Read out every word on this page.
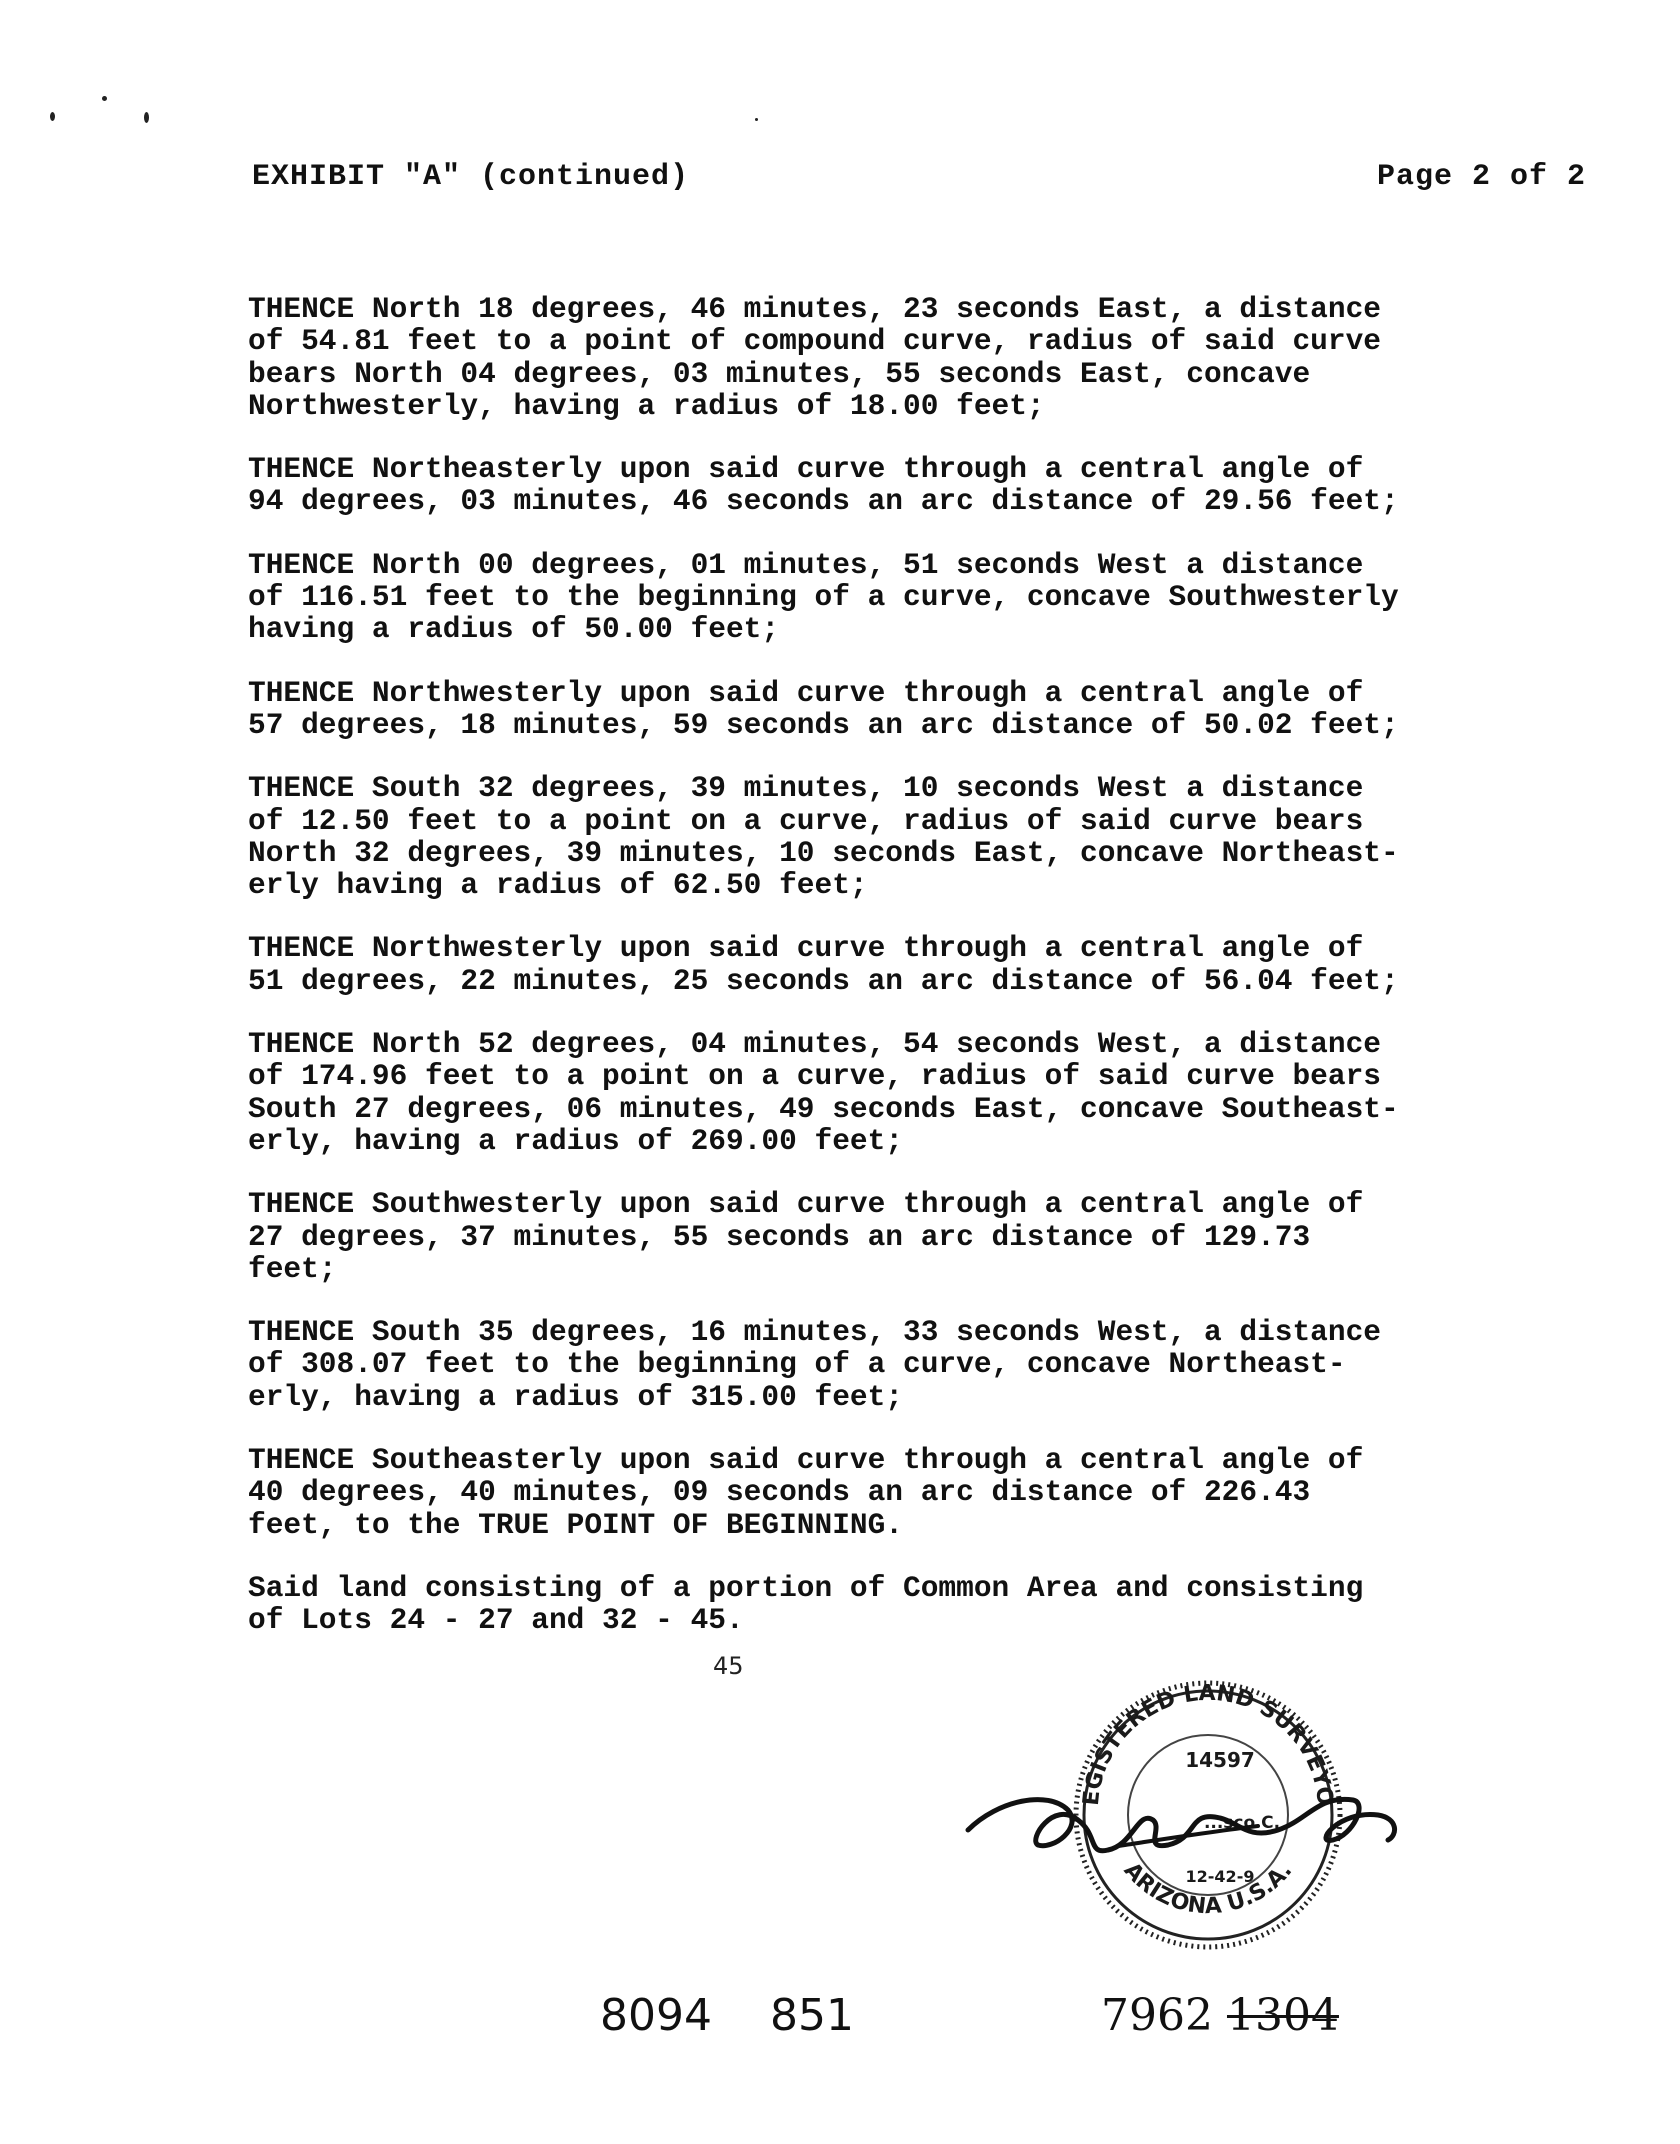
EXHIBIT "A" (continued)	Page 2 of 2

THENCE North 18 degrees, 46 minutes, 23 seconds East, a distance
of 54.81 feet to a point of compound curve, radius of said curve
bears North 04 degrees, 03 minutes, 55 seconds East, concave
Northwesterly, having a radius of 18.00 feet;

THENCE Northeasterly upon said curve through a central angle of
94 degrees, 03 minutes, 46 seconds an arc distance of 29.56 feet;

THENCE North 00 degrees, 01 minutes, 51 seconds West a distance
of 116.51 feet to the beginning of a curve, concave Southwesterly
having a radius of 50.00 feet;

THENCE Northwesterly upon said curve through a central angle of
57 degrees, 18 minutes, 59 seconds an arc distance of 50.02 feet;

THENCE South 32 degrees, 39 minutes, 10 seconds West a distance
of 12.50 feet to a point on a curve, radius of said curve bears
North 32 degrees, 39 minutes, 10 seconds East, concave Northeast-
erly having a radius of 62.50 feet;

THENCE Northwesterly upon said curve through a central angle of
51 degrees, 22 minutes, 25 seconds an arc distance of 56.04 feet;

THENCE North 52 degrees, 04 minutes, 54 seconds West, a distance
of 174.96 feet to a point on a curve, radius of said curve bears
South 27 degrees, 06 minutes, 49 seconds East, concave Southeast-
erly, having a radius of 269.00 feet;

THENCE Southwesterly upon said curve through a central angle of
27 degrees, 37 minutes, 55 seconds an arc distance of 129.73
feet;

THENCE South 35 degrees, 16 minutes, 33 seconds West, a distance
of 308.07 feet to the beginning of a curve, concave Northeast-
erly, having a radius of 315.00 feet;

THENCE Southeasterly upon said curve through a central angle of
40 degrees, 40 minutes, 09 seconds an arc distance of 226.43
feet, to the TRUE POINT OF BEGINNING.

Said land consisting of a portion of Common Area and consisting
of Lots 24 - 27 and 32 - 45.

45
EGISTERED LAND SURVEYO
ARIZONA U.S.A.
14597
...sco C.
12-42-9
8094 851	7962 1304
